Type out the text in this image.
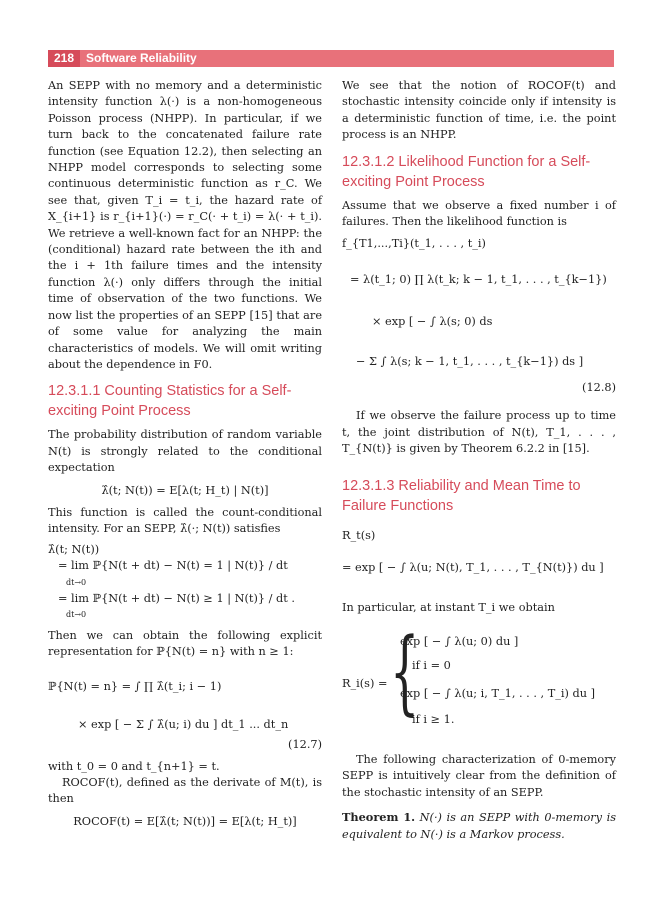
218 Software Reliability

An SEPP with no memory and a deterministic intensity function λ(·) is a non-homogeneous Poisson process (NHPP). In particular, if we turn back to the concatenated failure rate function (see Equation 12.2), then selecting an NHPP model corresponds to selecting some continuous deterministic function as r_C. We see that, given T_i = t_i, the hazard rate of X_{i+1} is r_{i+1}(·) = r_C(· + t_i) = λ(· + t_i). We retrieve a well-known fact for an NHPP: the (conditional) hazard rate between the ith and the i + 1th failure times and the intensity function λ(·) only differs through the initial time of observation of the two functions. We now list the properties of an SEPP [15] that are of some value for analyzing the main characteristics of models. We will omit writing about the dependence in F0.

12.3.1.1 Counting Statistics for a Self-exciting Point Process

The probability distribution of random variable N(t) is strongly related to the conditional expectation

λ̂(t; N(t)) = E[λ(t; H_t) | N(t)]

This function is called the count-conditional intensity. For an SEPP, λ̂(·; N(t)) satisfies

λ̂(t; N(t))
= lim ℙ{N(t + dt) − N(t) = 1 | N(t)} / dt
dt→0
= lim ℙ{N(t + dt) − N(t) ≥ 1 | N(t)} / dt .
dt→0

Then we can obtain the following explicit representation for ℙ{N(t) = n} with n ≥ 1:

ℙ{N(t) = n} = ∫ ∏ λ̂(t_i; i − 1)
× exp [ − Σ ∫ λ̂(u; i) du ] dt_1 ... dt_n
(12.7)

with t_0 = 0 and t_{n+1} = t.

ROCOF(t), defined as the derivate of M(t), is then

ROCOF(t) = E[λ̂(t; N(t))] = E[λ(t; H_t)]

We see that the notion of ROCOF(t) and stochastic intensity coincide only if intensity is a deterministic function of time, i.e. the point process is an NHPP.

12.3.1.2 Likelihood Function for a Self-exciting Point Process

Assume that we observe a fixed number i of failures. Then the likelihood function is

f_{T1,...,Ti}(t_1, . . . , t_i)
= λ(t_1; 0) ∏ λ(t_k; k − 1, t_1, . . . , t_{k−1})
× exp [ − ∫ λ(s; 0) ds
− Σ ∫ λ(s; k − 1, t_1, . . . , t_{k−1}) ds ]
(12.8)

If we observe the failure process up to time t, the joint distribution of N(t), T_1, . . . , T_{N(t)} is given by Theorem 6.2.2 in [15].

12.3.1.3 Reliability and Mean Time to Failure Functions
R_t(s)
= exp [ − ∫ λ(u; N(t), T_1, . . . , T_{N(t)}) du ]

In particular, at instant T_i we obtain

R_i(s) = {
exp [ − ∫ λ(u; 0) du ]
if i = 0
exp [ − ∫ λ(u; i, T_1, . . . , T_i) du ]
if i ≥ 1.

The following characterization of 0-memory SEPP is intuitively clear from the definition of the stochastic intensity of an SEPP.

Theorem 1. N(·) is an SEPP with 0-memory is equivalent to N(·) is a Markov process.
